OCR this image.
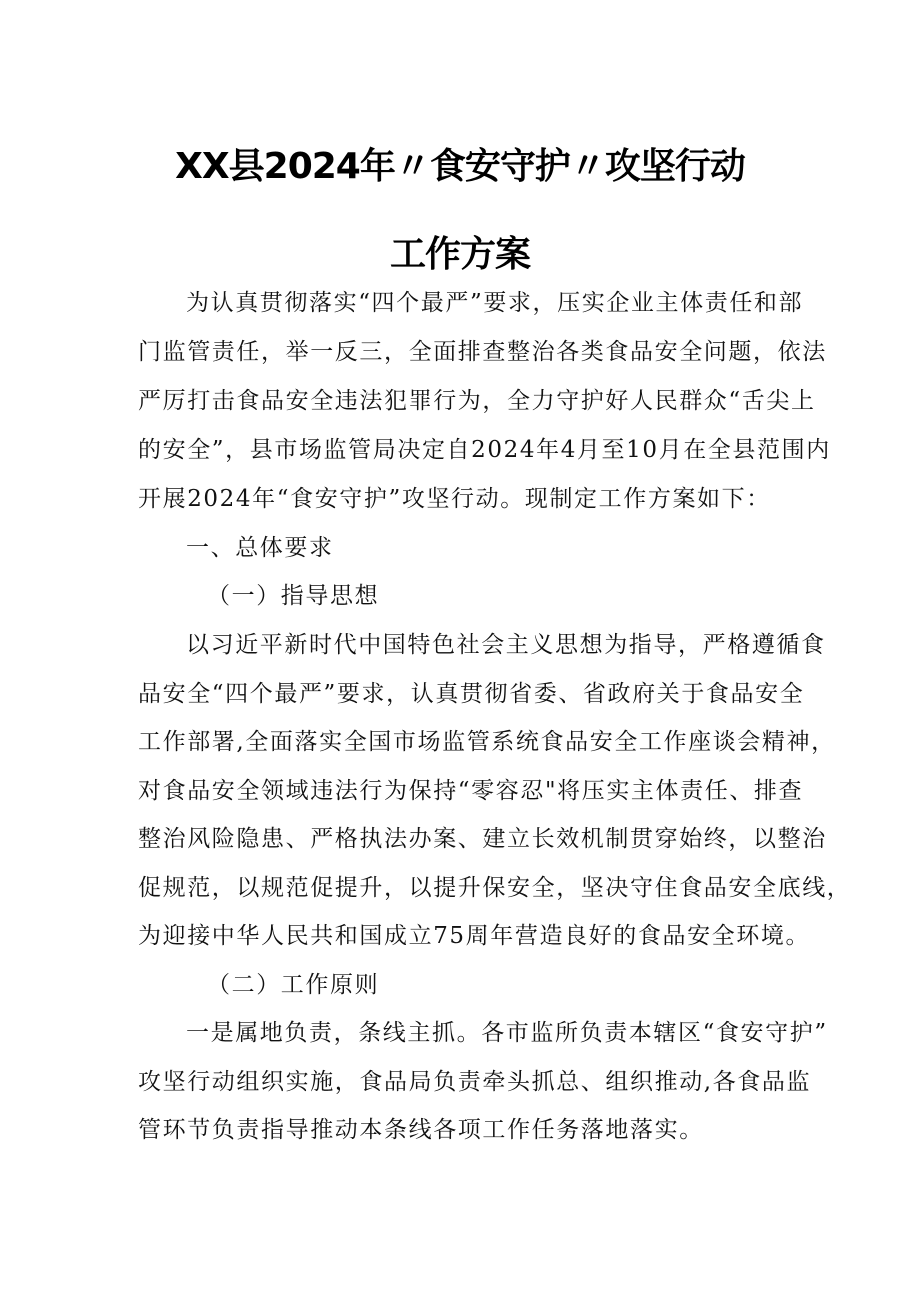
XX县2024年〃食安守护〃攻坚行动
工作方案
为认真贯彻落实“四个最严”要求，压实企业主体责任和部
门监管责任，举一反三，全面排查整治各类食品安全问题，依法
严厉打击食品安全违法犯罪行为，全力守护好人民群众“舌尖上
的安全”，县市场监管局决定自2024年4月至10月在全县范围内
开展2024年“食安守护”攻坚行动。现制定工作方案如下：
一、总体要求
（一）指导思想
以习近平新时代中国特色社会主义思想为指导，严格遵循食
品安全“四个最严”要求，认真贯彻省委、省政府关于食品安全
工作部署,全面落实全国市场监管系统食品安全工作座谈会精神，
对食品安全领域违法行为保持“零容忍"将压实主体责任、排查
整治风险隐患、严格执法办案、建立长效机制贯穿始终，以整治
促规范，以规范促提升，以提升保安全，坚决守住食品安全底线，
为迎接中华人民共和国成立75周年营造良好的食品安全环境。
（二）工作原则
一是属地负责，条线主抓。各市监所负责本辖区“食安守护”
攻坚行动组织实施，食品局负责牵头抓总、组织推动,各食品监
管环节负责指导推动本条线各项工作任务落地落实。
